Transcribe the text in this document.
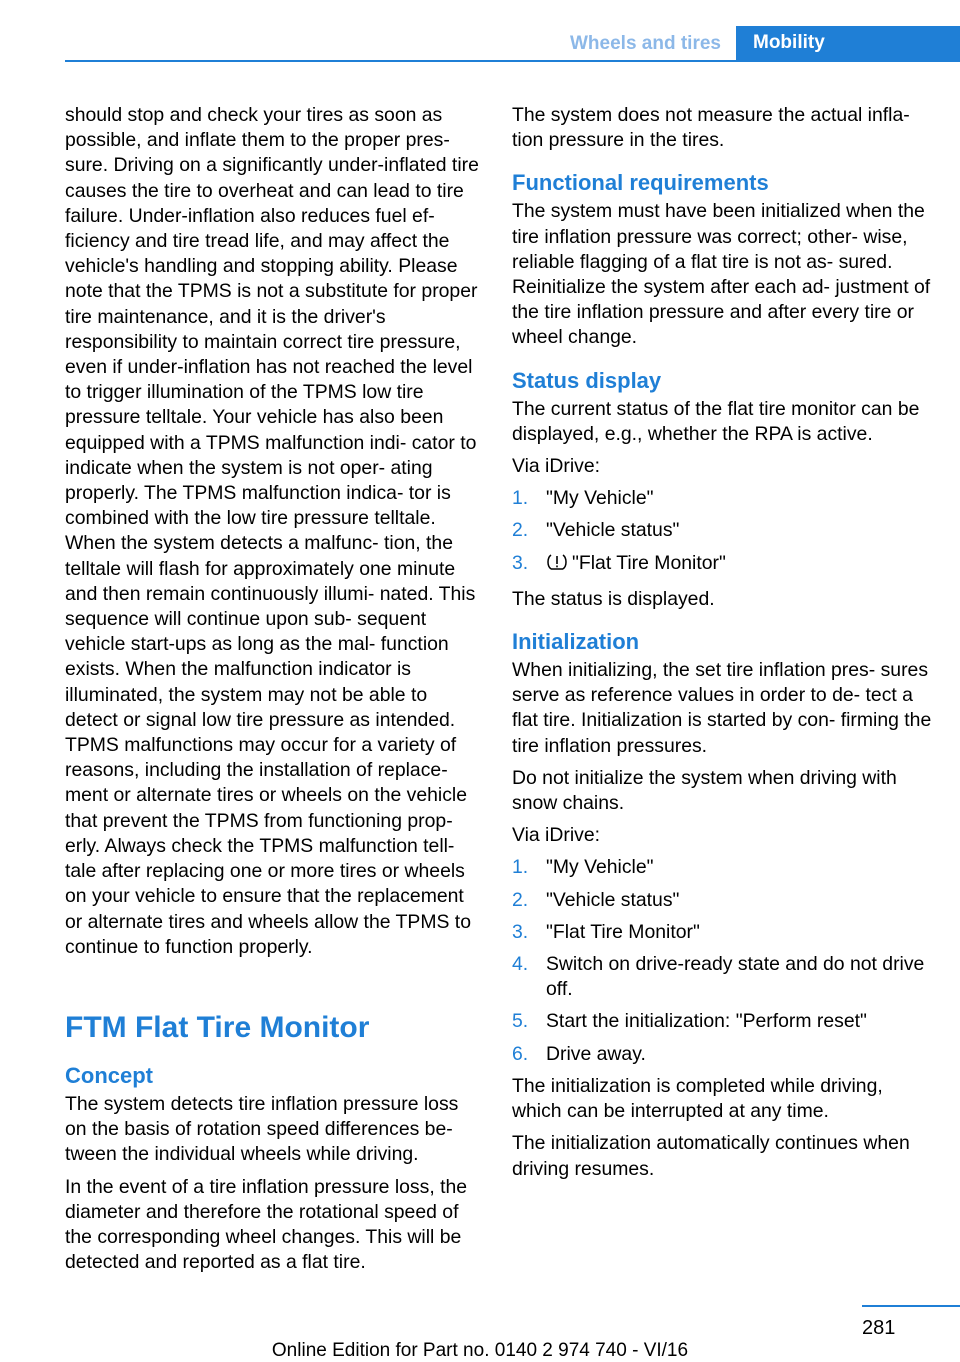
Wheels and tires	Mobility

should stop and check your tires as soon as possible, and inflate them to the proper pres‐ sure. Driving on a significantly under-inflated tire causes the tire to overheat and can lead to tire failure. Under-inflation also reduces fuel ef‐ ficiency and tire tread life, and may affect the vehicle's handling and stopping ability. Please note that the TPMS is not a substitute for proper tire maintenance, and it is the driver's responsibility to maintain correct tire pressure, even if under-inflation has not reached the level to trigger illumination of the TPMS low tire pressure telltale. Your vehicle has also been equipped with a TPMS malfunction indi‐ cator to indicate when the system is not oper‐ ating properly. The TPMS malfunction indica‐ tor is combined with the low tire pressure telltale. When the system detects a malfunc‐ tion, the telltale will flash for approximately one minute and then remain continuously illumi‐ nated. This sequence will continue upon sub‐ sequent vehicle start-ups as long as the mal‐ function exists. When the malfunction indicator is illuminated, the system may not be able to detect or signal low tire pressure as intended. TPMS malfunctions may occur for a variety of reasons, including the installation of replace‐ ment or alternate tires or wheels on the vehicle that prevent the TPMS from functioning prop‐ erly. Always check the TPMS malfunction tell‐ tale after replacing one or more tires or wheels on your vehicle to ensure that the replacement or alternate tires and wheels allow the TPMS to continue to function properly.

FTM Flat Tire Monitor
Concept

The system detects tire inflation pressure loss on the basis of rotation speed differences be‐ tween the individual wheels while driving.

In the event of a tire inflation pressure loss, the diameter and therefore the rotational speed of the corresponding wheel changes. This will be detected and reported as a flat tire.

The system does not measure the actual infla‐ tion pressure in the tires.

Functional requirements

The system must have been initialized when the tire inflation pressure was correct; other‐ wise, reliable flagging of a flat tire is not as‐ sured. Reinitialize the system after each ad‐ justment of the tire inflation pressure and after every tire or wheel change.

Status display

The current status of the flat tire monitor can be displayed, e.g., whether the RPA is active.

Via iDrive:

1. "My Vehicle"
2. "Vehicle status"
3. "Flat Tire Monitor"

The status is displayed.

Initialization

When initializing, the set tire inflation pres‐ sures serve as reference values in order to de‐ tect a flat tire. Initialization is started by con‐ firming the tire inflation pressures.

Do not initialize the system when driving with snow chains.

Via iDrive:

1. "My Vehicle"
2. "Vehicle status"
3. "Flat Tire Monitor"
4. Switch on drive-ready state and do not drive off.
5. Start the initialization: "Perform reset"
6. Drive away.

The initialization is completed while driving, which can be interrupted at any time.

The initialization automatically continues when driving resumes.

281
Online Edition for Part no. 0140 2 974 740 - VI/16
